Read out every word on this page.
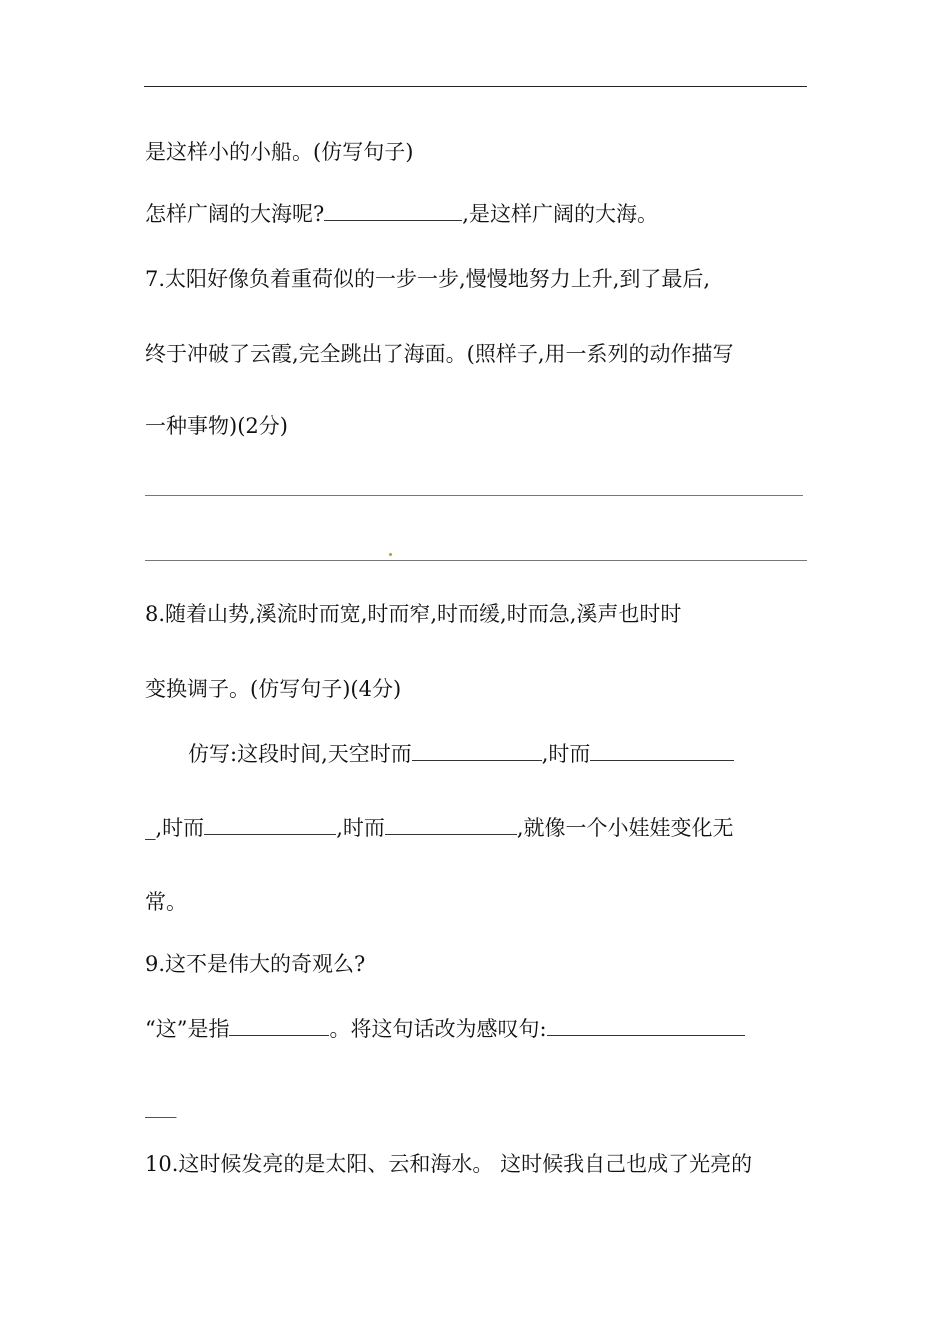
是这样小的小船。(仿写句子)
怎样广阔的大海呢?	,是这样广阔的大海。
7.太阳好像负着重荷似的一步一步,慢慢地努力上升,到了最后,
终于冲破了云霞,完全跳出了海面。(照样子,用一系列的动作描写
一种事物)(2分)
8.随着山势,溪流时而宽,时而窄,时而缓,时而急,溪声也时时
变换调子。(仿写句子)(4分)
仿写:这段时间,天空时而	,时而
_,时而	,时而	,就像一个小娃娃变化无
常。
9.这不是伟大的奇观么?
“这”是指	。将这句话改为感叹句:
___
10.这时候发亮的是太阳、云和海水。 这时候我自己也成了光亮的
